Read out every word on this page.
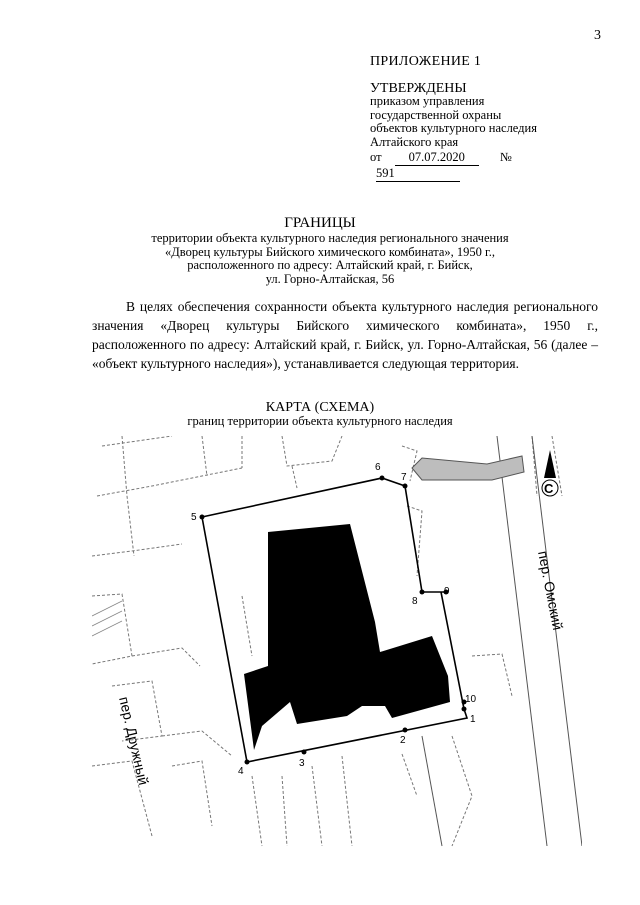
3
ПРИЛОЖЕНИЕ 1
УТВЕРЖДЕНЫ
приказом управления
государственной охраны
объектов культурного наследия
Алтайского края
от 07.07.2020	№ 591
ГРАНИЦЫ
территории объекта культурного наследия регионального значения
«Дворец культуры Бийского химического комбината», 1950 г.,
расположенного по адресу: Алтайский край, г. Бийск,
ул. Горно-Алтайская, 56
В целях обеспечения сохранности объекта культурного наследия регионального значения «Дворец культуры Бийского химического комбината», 1950 г., расположенного по адресу: Алтайский край, г. Бийск, ул. Горно-Алтайская, 56 (далее – «объект культурного наследия»), устанавливается следующая территория.
КАРТА (СХЕМА)
границ территории объекта культурного наследия
1
2
3
4
5
6
7
8
9
10
С
пер. Омский
пер. Дружный
